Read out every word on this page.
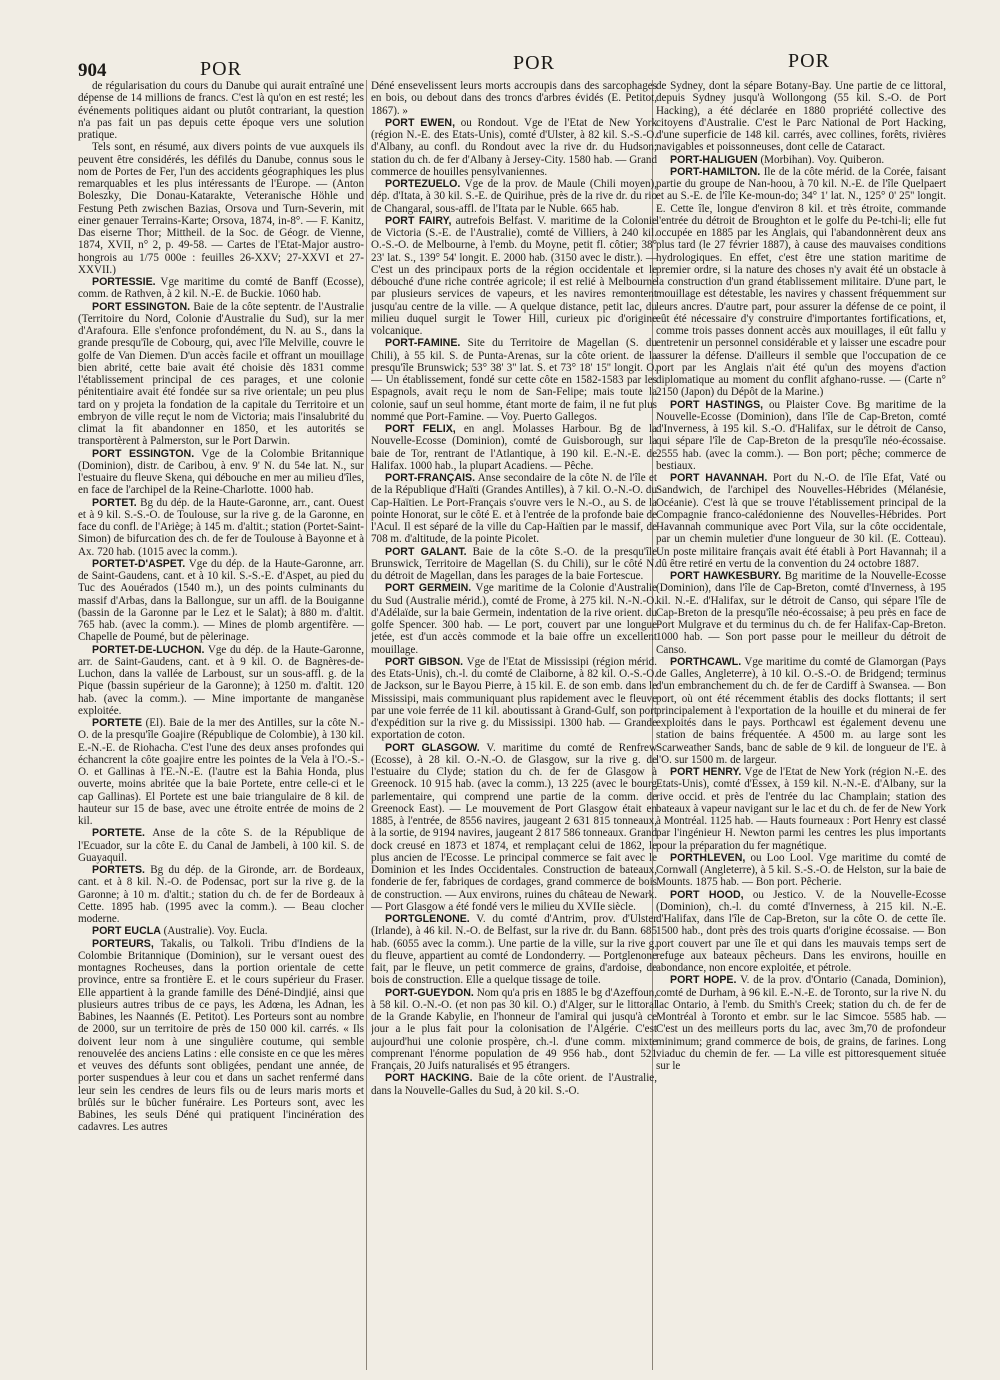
904	POR	POR	POR

de régularisation du cours du Danube qui aurait entraîné une dépense de 14 millions de francs. C'est là qu'on en est resté; les événements politiques aidant ou plutôt contrariant, la question n'a pas fait un pas depuis cette époque vers une solution pratique.

Tels sont, en résumé, aux divers points de vue auxquels ils peuvent être considérés, les défilés du Danube, connus sous le nom de Portes de Fer, l'un des accidents géographiques les plus remarquables et les plus intéressants de l'Europe. — (Anton Boleszky, Die Donau-Katarakte, Veteranische Höhle und Festung Peth zwischen Bazias, Orsova und Turn-Severin, mit einer genauer Terrains-Karte; Orsova, 1874, in-8°. — F. Kanitz, Das eiserne Thor; Mittheil. de la Soc. de Géogr. de Vienne, 1874, XVII, n° 2, p. 49-58. — Cartes de l'Etat-Major austro-hongrois au 1/75 000e : feuilles 26-XXV; 27-XXVI et 27-XXVII.)

PORTESSIE. Vge maritime du comté de Banff (Ecosse), comm. de Rathven, à 2 kil. N.-E. de Buckie. 1060 hab.

PORT ESSINGTON. Baie de la côte septentr. de l'Australie (Territoire du Nord, Colonie d'Australie du Sud), sur la mer d'Arafoura. Elle s'enfonce profondément, du N. au S., dans la grande presqu'île de Cobourg, qui, avec l'île Melville, couvre le golfe de Van Diemen. D'un accès facile et offrant un mouillage bien abrité, cette baie avait été choisie dès 1831 comme l'établissement principal de ces parages, et une colonie pénitentiaire avait été fondée sur sa rive orientale; un peu plus tard on y projeta la fondation de la capitale du Territoire et un embryon de ville reçut le nom de Victoria; mais l'insalubrité du climat la fit abandonner en 1850, et les autorités se transportèrent à Palmerston, sur le Port Darwin.

PORT ESSINGTON. Vge de la Colombie Britannique (Dominion), distr. de Caribou, à env. 9' N. du 54e lat. N., sur l'estuaire du fleuve Skena, qui débouche en mer au milieu d'îles, en face de l'archipel de la Reine-Charlotte. 1000 hab.

PORTET. Bg du dép. de la Haute-Garonne, arr., cant. Ouest et à 9 kil. S.-S.-O. de Toulouse, sur la rive g. de la Garonne, en face du confl. de l'Ariège; à 145 m. d'altit.; station (Portet-Saint-Simon) de bifurcation des ch. de fer de Toulouse à Bayonne et à Ax. 720 hab. (1015 avec la comm.).

PORTET-D'ASPET. Vge du dép. de la Haute-Garonne, arr. de Saint-Gaudens, cant. et à 10 kil. S.-S.-E. d'Aspet, au pied du Tuc des Aouérados (1540 m.), un des points culminants du massif d'Arbas, dans la Ballongue, sur un affl. de la Bouiganne (bassin de la Garonne par le Lez et le Salat); à 880 m. d'altit. 765 hab. (avec la comm.). — Mines de plomb argentifère. — Chapelle de Poumé, but de pèlerinage.

PORTET-DE-LUCHON. Vge du dép. de la Haute-Garonne, arr. de Saint-Gaudens, cant. et à 9 kil. O. de Bagnères-de-Luchon, dans la vallée de Larboust, sur un sous-affl. g. de la Pique (bassin supérieur de la Garonne); à 1250 m. d'altit. 120 hab. (avec la comm.). — Mine importante de manganèse exploitée.

PORTETE (El). Baie de la mer des Antilles, sur la côte N.-O. de la presqu'île Goajire (République de Colombie), à 130 kil. E.-N.-E. de Riohacha. C'est l'une des deux anses profondes qui échancrent la côte goajire entre les pointes de la Vela à l'O.-S.-O. et Gallinas à l'E.-N.-E. (l'autre est la Bahia Honda, plus ouverte, moins abritée que la baie Portete, entre celle-ci et le cap Gallinas). El Portete est une baie triangulaire de 8 kil. de hauteur sur 15 de base, avec une étroite entrée de moins de 2 kil.

PORTETE. Anse de la côte S. de la République de l'Ecuador, sur la côte E. du Canal de Jambeli, à 100 kil. S. de Guayaquil.

PORTETS. Bg du dép. de la Gironde, arr. de Bordeaux, cant. et à 8 kil. N.-O. de Podensac, port sur la rive g. de la Garonne; à 10 m. d'altit.; station du ch. de fer de Bordeaux à Cette. 1895 hab. (1995 avec la comm.). — Beau clocher moderne.

PORT EUCLA (Australie). Voy. Eucla.

PORTEURS, Takalis, ou Talkoli. Tribu d'Indiens de la Colombie Britannique (Dominion), sur le versant ouest des montagnes Rocheuses, dans la portion orientale de cette province, entre sa frontière E. et le cours supérieur du Fraser. Elle appartient à la grande famille des Déné-Dindjié, ainsi que plusieurs autres tribus de ce pays, les Adœna, les Adnan, les Babines, les Naannés (E. Petitot). Les Porteurs sont au nombre de 2000, sur un territoire de près de 150 000 kil. carrés. « Ils doivent leur nom à une singulière coutume, qui semble renouvelée des anciens Latins : elle consiste en ce que les mères et veuves des défunts sont obligées, pendant une année, de porter suspendues à leur cou et dans un sachet renfermé dans leur sein les cendres de leurs fils ou de leurs maris morts et brûlés sur le bûcher funéraire. Les Porteurs sont, avec les Babines, les seuls Déné qui pratiquent l'incinération des cadavres. Les autres

Déné ensevelissent leurs morts accroupis dans des sarcophages en bois, ou debout dans des troncs d'arbres évidés (E. Petitot, 1867). »

PORT EWEN, ou Rondout. Vge de l'Etat de New York (région N.-E. des Etats-Unis), comté d'Ulster, à 82 kil. S.-S.-O. d'Albany, au confl. du Rondout avec la rive dr. du Hudson; station du ch. de fer d'Albany à Jersey-City. 1580 hab. — Grand commerce de houilles pensylvaniennes.

PORTEZUELO. Vge de la prov. de Maule (Chili moyen), dép. d'Itata, à 30 kil. S.-E. de Quirihue, près de la rive dr. du rio de Changaral, sous-affl. de l'Itata par le Nuble. 665 hab.

PORT FAIRY, autrefois Belfast. V. maritime de la Colonie de Victoria (S.-E. de l'Australie), comté de Villiers, à 240 kil. O.-S.-O. de Melbourne, à l'emb. du Moyne, petit fl. côtier; 38° 23' lat. S., 139° 54' longit. E. 2000 hab. (3150 avec le distr.). — C'est un des principaux ports de la région occidentale et le débouché d'une riche contrée agricole; il est relié à Melbourne par plusieurs services de vapeurs, et les navires remontent jusqu'au centre de la ville. — A quelque distance, petit lac, du milieu duquel surgit le Tower Hill, curieux pic d'origine volcanique.

PORT-FAMINE. Site du Territoire de Magellan (S. du Chili), à 55 kil. S. de Punta-Arenas, sur la côte orient. de la presqu'île Brunswick; 53° 38' 3'' lat. S. et 73° 18' 15'' longit. O. — Un établissement, fondé sur cette côte en 1582-1583 par les Espagnols, avait reçu le nom de San-Felipe; mais toute la colonie, sauf un seul homme, étant morte de faim, il ne fut plus nommé que Port-Famine. — Voy. Puerto Gallegos.

PORT FELIX, en angl. Molasses Harbour. Bg de la Nouvelle-Ecosse (Dominion), comté de Guisborough, sur la baie de Tor, rentrant de l'Atlantique, à 190 kil. E.-N.-E. de Halifax. 1000 hab., la plupart Acadiens. — Pêche.

PORT-FRANÇAIS. Anse secondaire de la côte N. de l'île et de la République d'Haïti (Grandes Antilles), à 7 kil. O.-N.-O. du Cap-Haïtien. Le Port-Français s'ouvre vers le N.-O., au S. de la pointe Honorat, sur le côté E. et à l'entrée de la profonde baie de l'Acul. Il est séparé de la ville du Cap-Haïtien par le massif, de 708 m. d'altitude, de la pointe Picolet.

PORT GALANT. Baie de la côte S.-O. de la presqu'île Brunswick, Territoire de Magellan (S. du Chili), sur le côté N. du détroit de Magellan, dans les parages de la baie Fortescue.

PORT GERMEIN. Vge maritime de la Colonie d'Australie du Sud (Australie mérid.), comté de Frome, à 275 kil. N.-N.-O. d'Adélaïde, sur la baie Germein, indentation de la rive orient. du golfe Spencer. 300 hab. — Le port, couvert par une longue jetée, est d'un accès commode et la baie offre un excellent mouillage.

PORT GIBSON. Vge de l'Etat de Mississipi (région mérid. des Etats-Unis), ch.-l. du comté de Claiborne, à 82 kil. O.-S.-O. de Jackson, sur le Bayou Pierre, à 15 kil. E. de son emb. dans le Mississipi, mais communiquant plus rapidement avec le fleuve par une voie ferrée de 11 kil. aboutissant à Grand-Gulf, son port d'expédition sur la rive g. du Mississipi. 1300 hab. — Grande exportation de coton.

PORT GLASGOW. V. maritime du comté de Renfrew (Ecosse), à 28 kil. O.-N.-O. de Glasgow, sur la rive g. de l'estuaire du Clyde; station du ch. de fer de Glasgow à Greenock. 10 915 hab. (avec la comm.), 13 225 (avec le bourg parlementaire, qui comprend une partie de la comm. de Greenock East). — Le mouvement de Port Glasgow était en 1885, à l'entrée, de 8556 navires, jaugeant 2 631 815 tonneaux, à la sortie, de 9194 navires, jaugeant 2 817 586 tonneaux. Grand dock creusé en 1873 et 1874, et remplaçant celui de 1862, le plus ancien de l'Ecosse. Le principal commerce se fait avec le Dominion et les Indes Occidentales. Construction de bateaux, fonderie de fer, fabriques de cordages, grand commerce de bois de construction. — Aux environs, ruines du château de Newark. — Port Glasgow a été fondé vers le milieu du XVIIe siècle.

PORTGLENONE. V. du comté d'Antrim, prov. d'Ulster (Irlande), à 46 kil. N.-O. de Belfast, sur la rive dr. du Bann. 685 hab. (6055 avec la comm.). Une partie de la ville, sur la rive g. du fleuve, appartient au comté de Londonderry. — Portglenone fait, par le fleuve, un petit commerce de grains, d'ardoise, de bois de construction. Elle a quelque tissage de toile.

PORT-GUEYDON. Nom qu'a pris en 1885 le bg d'Azeffoun, à 58 kil. O.-N.-O. (et non pas 30 kil. O.) d'Alger, sur le littoral de la Grande Kabylie, en l'honneur de l'amiral qui jusqu'à ce jour a le plus fait pour la colonisation de l'Algérie. C'est aujourd'hui une colonie prospère, ch.-l. d'une comm. mixte comprenant l'énorme population de 49 956 hab., dont 521 Français, 20 Juifs naturalisés et 95 étrangers.

PORT HACKING. Baie de la côte orient. de l'Australie, dans la Nouvelle-Galles du Sud, à 20 kil. S.-O.

de Sydney, dont la sépare Botany-Bay. Une partie de ce littoral, depuis Sydney jusqu'à Wollongong (55 kil. S.-O. de Port Hacking), a été déclarée en 1880 propriété collective des citoyens d'Australie. C'est le Parc National de Port Hacking, d'une superficie de 148 kil. carrés, avec collines, forêts, rivières navigables et poissonneuses, dont celle de Cataract.

PORT-HALIGUEN (Morbihan). Voy. Quiberon.

PORT-HAMILTON. Ile de la côte mérid. de la Corée, faisant partie du groupe de Nan-hoou, à 70 kil. N.-E. de l'île Quelpaert et au S.-E. de l'île Ke-moun-do; 34° 1' lat. N., 125° 0' 25'' longit. E. Cette île, longue d'environ 8 kil. et très étroite, commande l'entrée du détroit de Broughton et le golfe du Pe-tchi-li; elle fut occupée en 1885 par les Anglais, qui l'abandonnèrent deux ans plus tard (le 27 février 1887), à cause des mauvaises conditions hydrologiques. En effet, c'est être une station maritime de premier ordre, si la nature des choses n'y avait été un obstacle à la construction d'un grand établissement militaire. D'une part, le mouillage est détestable, les navires y chassent fréquemment sur leurs ancres. D'autre part, pour assurer la défense de ce point, il eût été nécessaire d'y construire d'importantes fortifications, et, comme trois passes donnent accès aux mouillages, il eût fallu y entretenir un personnel considérable et y laisser une escadre pour assurer la défense. D'ailleurs il semble que l'occupation de ce port par les Anglais n'ait été qu'un des moyens d'action diplomatique au moment du conflit afghano-russe. — (Carte n° 2150 (Japon) du Dépôt de la Marine.)

PORT HASTINGS, ou Plaister Cove. Bg maritime de la Nouvelle-Ecosse (Dominion), dans l'île de Cap-Breton, comté d'Inverness, à 195 kil. S.-O. d'Halifax, sur le détroit de Canso, qui sépare l'île de Cap-Breton de la presqu'île néo-écossaise. 2555 hab. (avec la comm.). — Bon port; pêche; commerce de bestiaux.

PORT HAVANNAH. Port du N.-O. de l'île Efat, Vaté ou Sandwich, de l'archipel des Nouvelles-Hébrides (Mélanésie, Océanie). C'est là que se trouve l'établissement principal de la Compagnie franco-calédonienne des Nouvelles-Hébrides. Port Havannah communique avec Port Vila, sur la côte occidentale, par un chemin muletier d'une longueur de 30 kil. (E. Cotteau). Un poste militaire français avait été établi à Port Havannah; il a dû être retiré en vertu de la convention du 24 octobre 1887.

PORT HAWKESBURY. Bg maritime de la Nouvelle-Ecosse (Dominion), dans l'île de Cap-Breton, comté d'Inverness, à 195 kil. N.-E. d'Halifax, sur le détroit de Canso, qui sépare l'île de Cap-Breton de la presqu'île néo-écossaise; à peu près en face de Port Mulgrave et du terminus du ch. de fer Halifax-Cap-Breton. 1000 hab. — Son port passe pour le meilleur du détroit de Canso.

PORTHCAWL. Vge maritime du comté de Glamorgan (Pays de Galles, Angleterre), à 10 kil. O.-S.-O. de Bridgend; terminus d'un embranchement du ch. de fer de Cardiff à Swansea. — Bon port, où ont été récemment établis des docks flottants; il sert principalement à l'exportation de la houille et du minerai de fer exploités dans le pays. Porthcawl est également devenu une station de bains fréquentée. A 4500 m. au large sont les Scarweather Sands, banc de sable de 9 kil. de longueur de l'E. à l'O. sur 1500 m. de largeur.

PORT HENRY. Vge de l'Etat de New York (région N.-E. des Etats-Unis), comté d'Essex, à 159 kil. N.-N.-E. d'Albany, sur la rive occid. et près de l'entrée du lac Champlain; station des bateaux à vapeur navigant sur le lac et du ch. de fer de New York à Montréal. 1125 hab. — Hauts fourneaux : Port Henry est classé par l'ingénieur H. Newton parmi les centres les plus importants pour la préparation du fer magnétique.

PORTHLEVEN, ou Loo Lool. Vge maritime du comté de Cornwall (Angleterre), à 5 kil. S.-S.-O. de Helston, sur la baie de Mounts. 1875 hab. — Bon port. Pêcherie.

PORT HOOD, ou Jestico. V. de la Nouvelle-Ecosse (Dominion), ch.-l. du comté d'Inverness, à 215 kil. N.-E. d'Halifax, dans l'île de Cap-Breton, sur la côte O. de cette île. 1500 hab., dont près des trois quarts d'origine écossaise. — Bon port couvert par une île et qui dans les mauvais temps sert de refuge aux bateaux pêcheurs. Dans les environs, houille en abondance, non encore exploitée, et pétrole.

PORT HOPE. V. de la prov. d'Ontario (Canada, Dominion), comté de Durham, à 96 kil. E.-N.-E. de Toronto, sur la rive N. du lac Ontario, à l'emb. du Smith's Creek; station du ch. de fer de Montréal à Toronto et embr. sur le lac Simcoe. 5585 hab. — C'est un des meilleurs ports du lac, avec 3m,70 de profondeur minimum; grand commerce de bois, de grains, de farines. Long viaduc du chemin de fer. — La ville est pittoresquement située sur le
